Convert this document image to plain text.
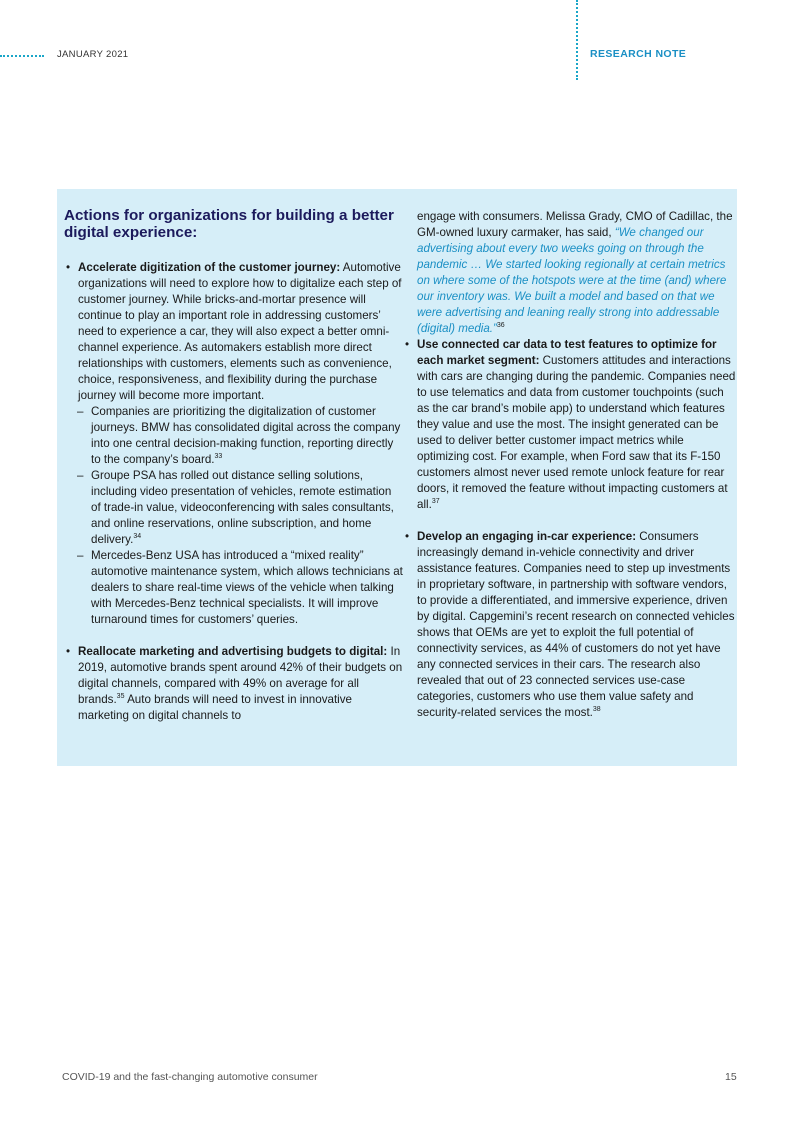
JANUARY 2021	RESEARCH NOTE
Actions for organizations for building a better digital experience:
• Accelerate digitization of the customer journey: Automotive organizations will need to explore how to digitalize each step of customer journey. While bricks-and-mortar presence will continue to play an important role in addressing customers’ need to experience a car, they will also expect a better omni-channel experience. As automakers establish more direct relationships with customers, elements such as convenience, choice, responsiveness, and flexibility during the purchase journey will become more important.
– Companies are prioritizing the digitalization of customer journeys. BMW has consolidated digital across the company into one central decision-making function, reporting directly to the company’s board.$^{33}$
– Groupe PSA has rolled out distance selling solutions, including video presentation of vehicles, remote estimation of trade-in value, videoconferencing with sales consultants, and online reservations, online subscription, and home delivery.$^{34}$
– Mercedes-Benz USA has introduced a “mixed reality” automotive maintenance system, which allows technicians at dealers to share real-time views of the vehicle when talking with Mercedes-Benz technical specialists. It will improve turnaround times for customers’ queries.
• Reallocate marketing and advertising budgets to digital: In 2019, automotive brands spent around 42% of their budgets on digital channels, compared with 49% on average for all brands.$^{35}$ Auto brands will need to invest in innovative marketing on digital channels to
engage with consumers. Melissa Grady, CMO of Cadillac, the GM-owned luxury carmaker, has said, “We changed our advertising about every two weeks going on through the pandemic … We started looking regionally at certain metrics on where some of the hotspots were at the time (and) where our inventory was. We built a model and based on that we were advertising and leaning really strong into addressable (digital) media.”$^{36}$
• Use connected car data to test features to optimize for each market segment: Customers attitudes and interactions with cars are changing during the pandemic. Companies need to use telematics and data from customer touchpoints (such as the car brand’s mobile app) to understand which features they value and use the most. The insight generated can be used to deliver better customer impact metrics while optimizing cost. For example, when Ford saw that its F-150 customers almost never used remote unlock feature for rear doors, it removed the feature without impacting customers at all.$^{37}$
• Develop an engaging in-car experience: Consumers increasingly demand in-vehicle connectivity and driver assistance features. Companies need to step up investments in proprietary software, in partnership with software vendors, to provide a differentiated, and immersive experience, driven by digital. Capgemini’s recent research on connected vehicles shows that OEMs are yet to exploit the full potential of connectivity services, as 44% of customers do not yet have any connected services in their cars. The research also revealed that out of 23 connected services use-case categories, customers who use them value safety and security-related services the most.$^{38}$
COVID-19 and the fast-changing automotive consumer	15
